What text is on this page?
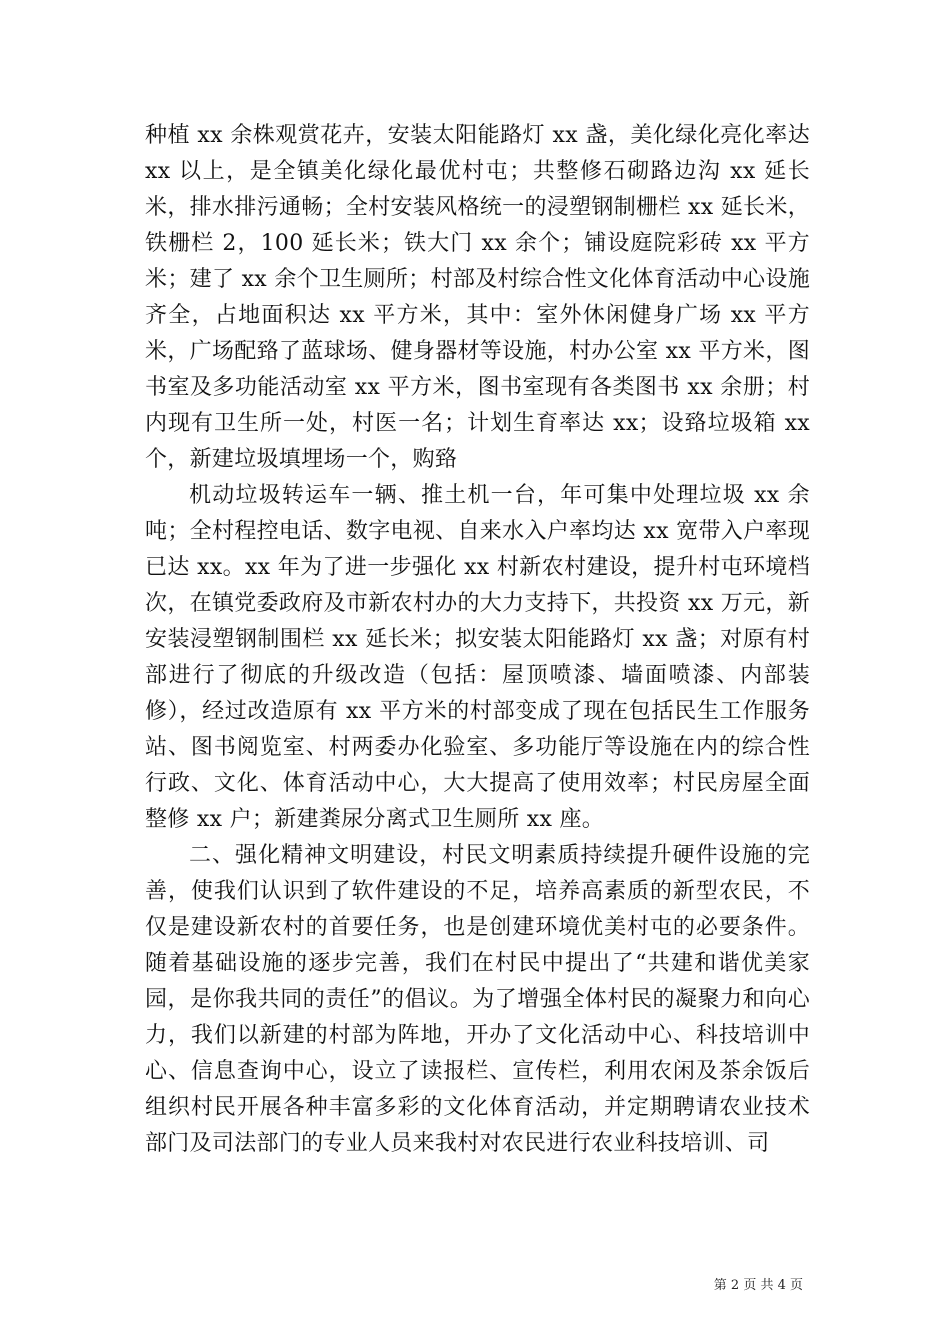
种植 xx 余株观赏花卉，安装太阳能路灯 xx 盏，美化绿化亮化率达 xx 以上，是全镇美化绿化最优村屯；共整修石砌路边沟 xx 延长米，排水排污通畅；全村安装风格统一的浸塑钢制栅栏 xx 延长米，铁栅栏 2，100 延长米；铁大门 xx 余个；铺设庭院彩砖 xx 平方米；建了 xx 余个卫生厕所；村部及村综合性文化体育活动中心设施齐全，占地面积达 xx 平方米，其中：室外休闲健身广场 xx 平方米，广场配臵了蓝球场、健身器材等设施，村办公室 xx 平方米，图书室及多功能活动室 xx 平方米，图书室现有各类图书 xx 余册；村内现有卫生所一处，村医一名；计划生育率达 xx；设臵垃圾箱 xx 个，新建垃圾填埋场一个，购臵

机动垃圾转运车一辆、推土机一台，年可集中处理垃圾 xx 余吨；全村程控电话、数字电视、自来水入户率均达 xx 宽带入户率现已达 xx。xx 年为了进一步强化 xx 村新农村建设，提升村屯环境档次，在镇党委政府及市新农村办的大力支持下，共投资 xx 万元，新安装浸塑钢制围栏 xx 延长米；拟安装太阳能路灯 xx 盏；对原有村部进行了彻底的升级改造（包括：屋顶喷漆、墙面喷漆、内部装修），经过改造原有 xx 平方米的村部变成了现在包括民生工作服务站、图书阅览室、村两委办化验室、多功能厅等设施在内的综合性行政、文化、体育活动中心，大大提高了使用效率；村民房屋全面整修 xx 户；新建粪尿分离式卫生厕所 xx 座。

二、强化精神文明建设，村民文明素质持续提升硬件设施的完善，使我们认识到了软件建设的不足，培养高素质的新型农民，不仅是建设新农村的首要任务，也是创建环境优美村屯的必要条件。随着基础设施的逐步完善，我们在村民中提出了“共建和谐优美家园，是你我共同的责任”的倡议。为了增强全体村民的凝聚力和向心力，我们以新建的村部为阵地，开办了文化活动中心、科技培训中心、信息查询中心，设立了读报栏、宣传栏，利用农闲及茶余饭后组织村民开展各种丰富多彩的文化体育活动，并定期聘请农业技术部门及司法部门的专业人员来我村对农民进行农业科技培训、司

第 2 页 共 4 页
